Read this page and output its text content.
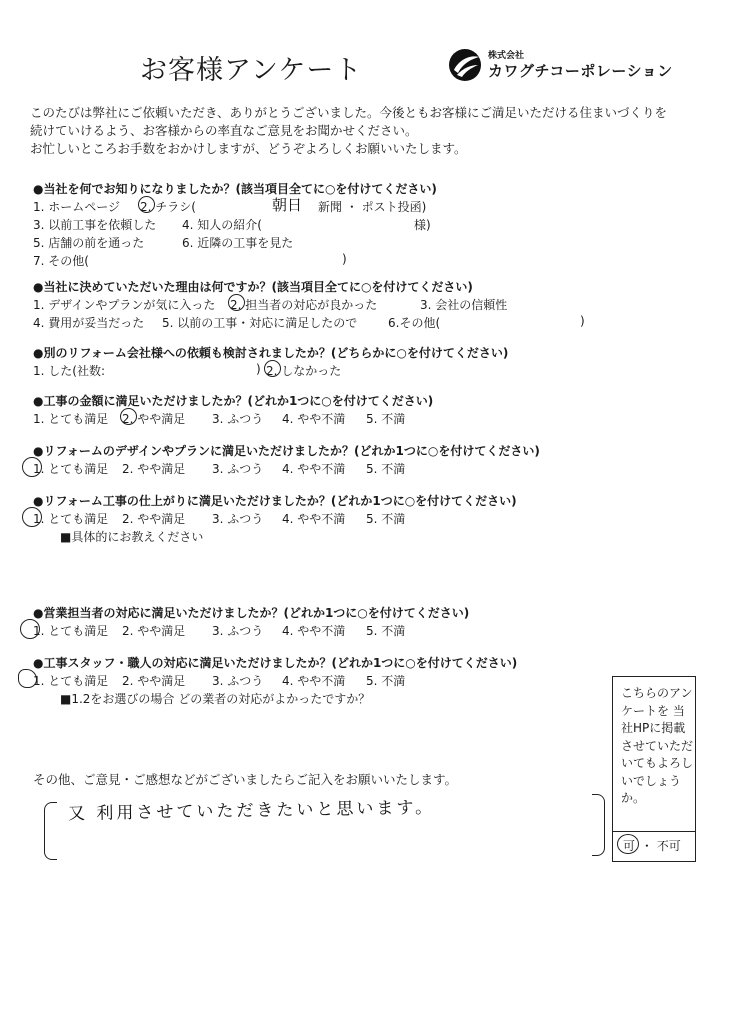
お客様アンケート	株式会社
カワグチコーポレーション
このたびは弊社にご依頼いただき、ありがとうございました。今後ともお客様にご満足いただける住まいづくりを
続けていけるよう、お客様からの率直なご意見をお聞かせください。
お忙しいところお手数をおかけしますが、どうぞよろしくお願いいたします。
●当社を何でお知りになりましたか？(該当項目全てに○を付けてください)
1. ホームページ 2. チラシ(	朝日 新聞 ・ ポスト投函)
3. 以前工事を依頼した 4. 知人の紹介(	様)
5. 店舗の前を通った	6. 近隣の工事を見た
7. その他(	)
●当社に決めていただいた理由は何ですか？(該当項目全てに○を付けてください)
1. デザインやプランが気に入った 2. 担当者の対応が良かった	3. 会社の信頼性
4. 費用が妥当だった 5. 以前の工事・対応に満足したので	6.その他(	)
●別のリフォーム会社様への依頼も検討されましたか？(どちらかに○を付けてください)
1. した(社数:	) 2. しなかった
●工事の金額に満足いただけましたか？(どれか1つに○を付けてください)
1. とても満足 2. やや満足 3. ふつう 4. やや不満 5. 不満
●リフォームのデザインやプランに満足いただけましたか？(どれか1つに○を付けてください)
1. とても満足 2. やや満足 3. ふつう 4. やや不満 5. 不満
●リフォーム工事の仕上がりに満足いただけましたか？(どれか1つに○を付けてください)
1. とても満足 2. やや満足 3. ふつう 4. やや不満 5. 不満
■具体的にお教えください
●営業担当者の対応に満足いただけましたか？(どれか1つに○を付けてください)
1. とても満足 2. やや満足 3. ふつう 4. やや不満 5. 不満
●工事スタッフ・職人の対応に満足いただけましたか？(どれか1つに○を付けてください)
1. とても満足 2. やや満足 3. ふつう 4. やや不満 5. 不満
■1.2をお選びの場合 どの業者の対応がよかったですか？
その他、ご意見・ご感想などがございましたらご記入をお願いいたします。
又 利用させていただきたいと思います。
こちらのアンケートを 当社HPに掲載させていただいてもよろしいでしょうか。
可 ・ 不可
